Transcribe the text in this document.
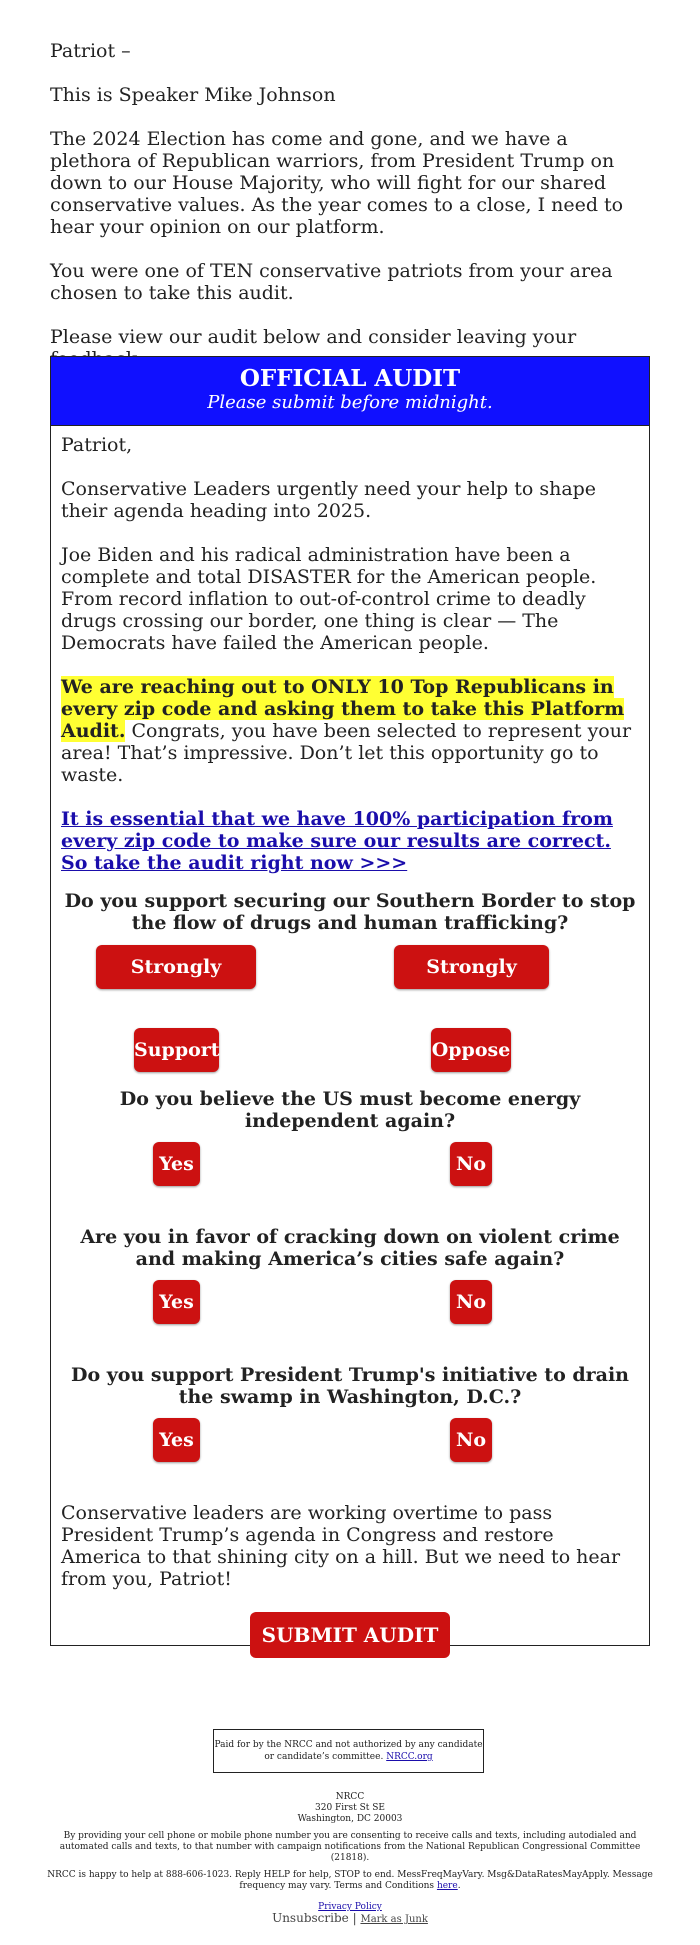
Patriot –

This is Speaker Mike Johnson

The 2024 Election has come and gone, and we have a plethora of Republican warriors, from President Trump on down to our House Majority, who will fight for our shared conservative values. As the year comes to a close, I need to hear your opinion on our platform.

You were one of TEN conservative patriots from your area chosen to take this audit.

Please view our audit below and consider leaving your

OFFICIAL AUDIT
Please submit before midnight.

Patriot,

Conservative Leaders urgently need your help to shape their agenda heading into 2025.

Joe Biden and his radical administration have been a complete and total DISASTER for the American people. From record inflation to out-of-control crime to deadly drugs crossing our border, one thing is clear — The Democrats have failed the American people.

We are reaching out to ONLY 10 Top Republicans in every zip code and asking them to take this Platform Audit. Congrats, you have been selected to represent your area! That’s impressive. Don’t let this opportunity go to waste.

It is essential that we have 100% participation from every zip code to make sure our results are correct. So take the audit right now >>>

Do you support securing our Southern Border to stop the flow of drugs and human trafficking?
Strongly Support
Strongly Oppose
Support	Oppose
Do you believe the US must become energy independent again?
Yes	No
Are you in favor of cracking down on violent crime and making America’s cities safe again?
Yes	No
Do you support President Trump's initiative to drain the swamp in Washington, D.C.?
Yes	No

Conservative leaders are working overtime to pass President Trump’s agenda in Congress and restore America to that shining city on a hill. But we need to hear from you, Patriot!

SUBMIT AUDIT
Paid for by the NRCC and not authorized by any candidate or candidate’s committee. NRCC.org

NRCC
320 First St SE
Washington, DC 20003

By providing your cell phone or mobile phone number you are consenting to receive calls and texts, including autodialed and automated calls and texts, to that number with campaign notifications from the National Republican Congressional Committee (21818).

NRCC is happy to help at 888-606-1023. Reply HELP for help, STOP to end. MessFreqMayVary. Msg&DataRatesMayApply. Message frequency may vary. Terms and Conditions here.

Privacy Policy

Unsubscribe | Mark as Junk
